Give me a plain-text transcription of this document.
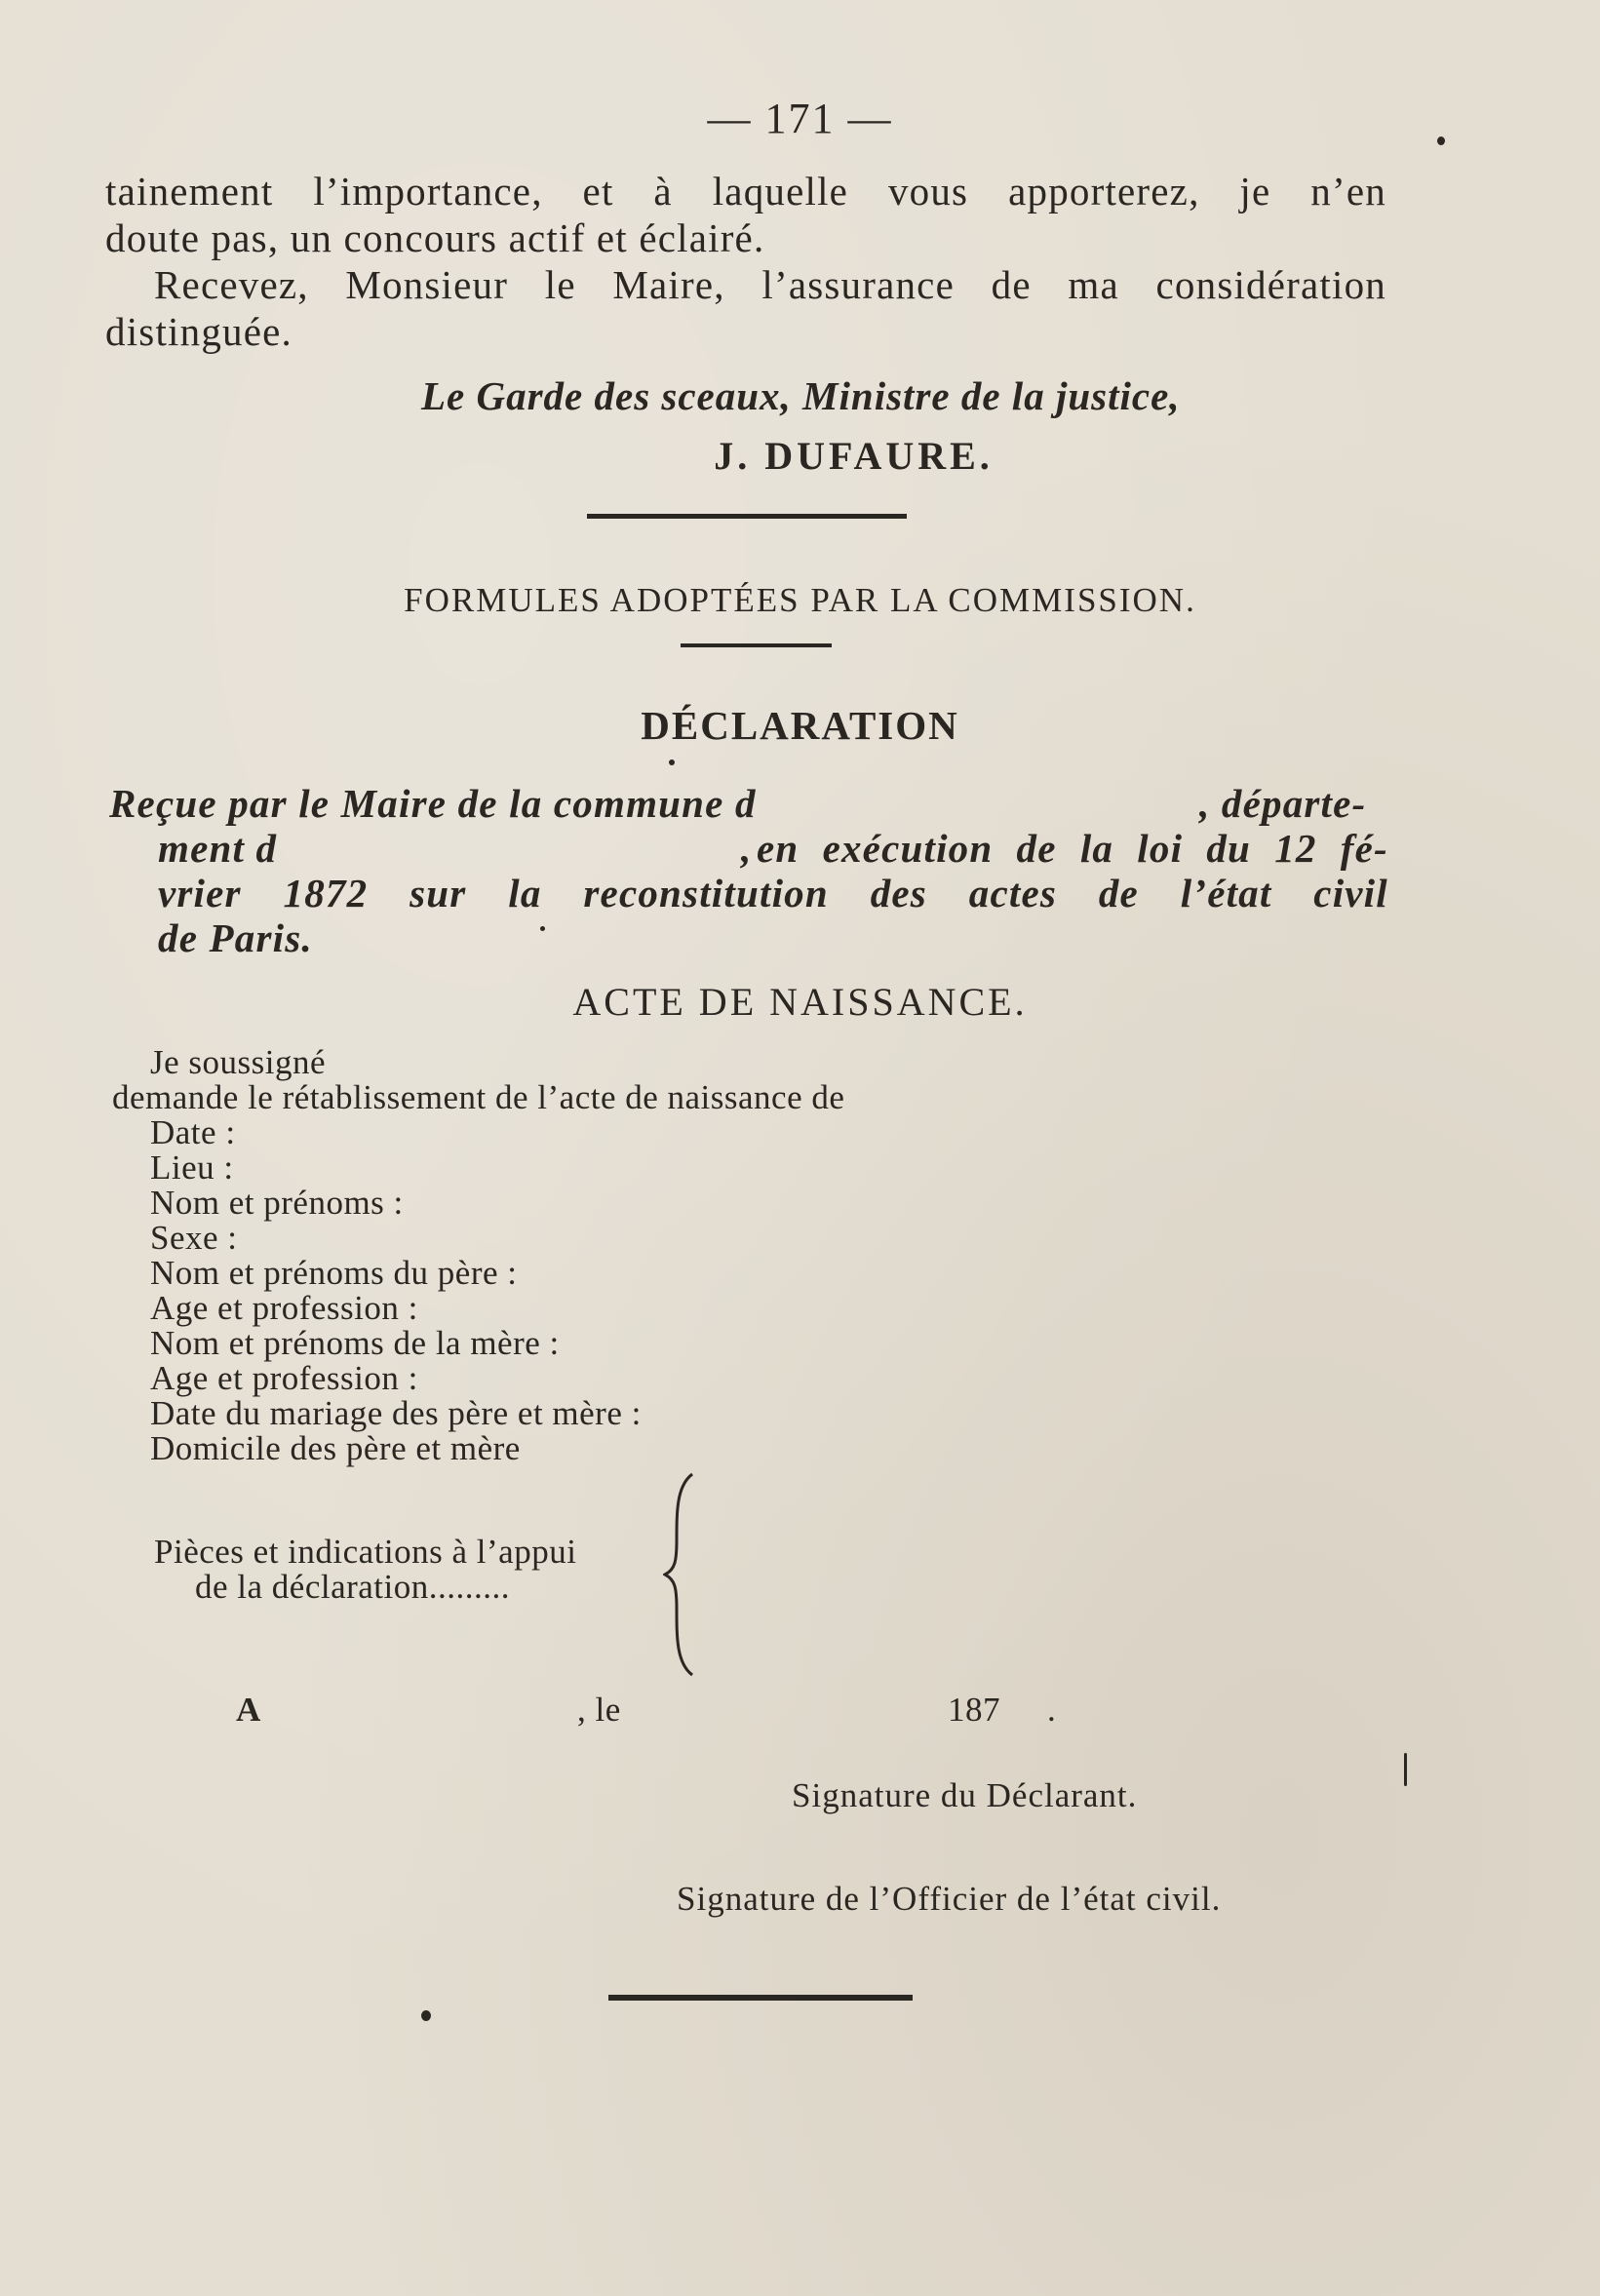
— 171 —
tainement l’importance, et à laquelle vous apporterez, je n’en
doute pas, un concours actif et éclairé.
Recevez, Monsieur le Maire, l’assurance de ma considération
distinguée.
Le Garde des sceaux, Ministre de la justice,
J. DUFAURE.
FORMULES ADOPTÉES PAR LA COMMISSION.
DÉCLARATION
Reçue par le Maire de la commune d	, départe-
ment d	, en exécution de la loi du 12 fé-
vrier 1872 sur la reconstitution des actes de l’état civil
de Paris.
ACTE DE NAISSANCE.
Je soussigné
demande le rétablissement de l’acte de naissance de
Date :
Lieu :
Nom et prénoms :
Sexe :
Nom et prénoms du père :
Age et profession :
Nom et prénoms de la mère :
Age et profession :
Date du mariage des père et mère :
Domicile des père et mère
Pièces et indications à l’appui
de la déclaration.........
A	, le	187 .
Signature du Déclarant.
Signature de l’Officier de l’état civil.
